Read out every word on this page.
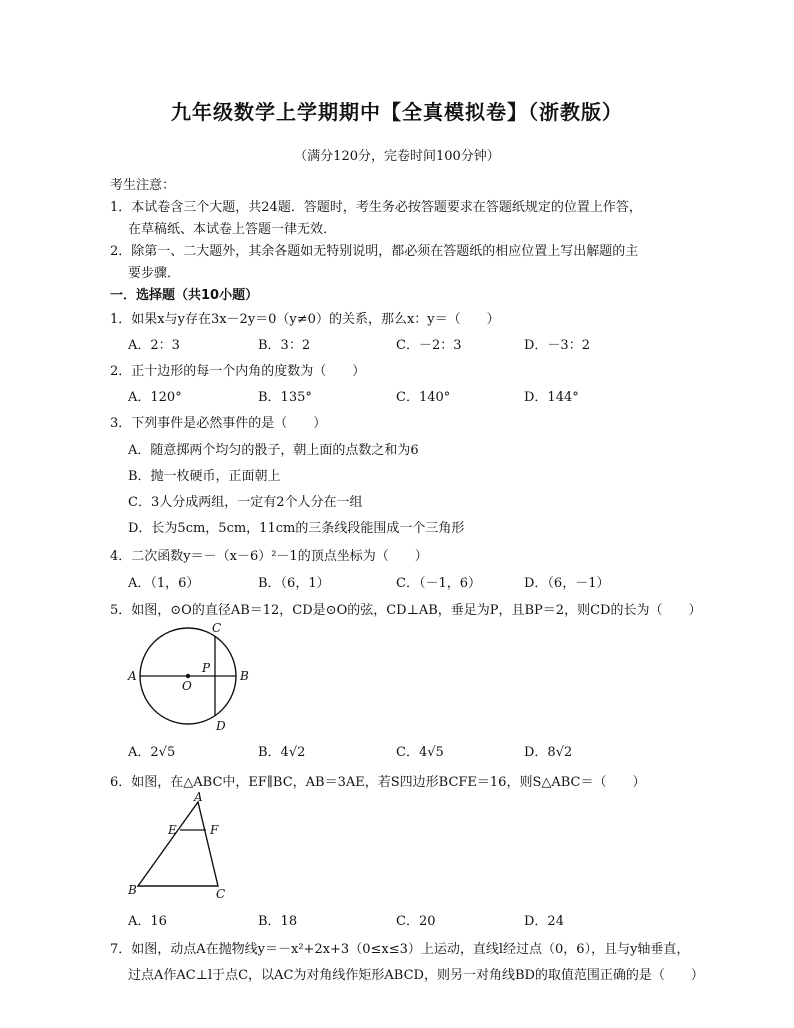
九年级数学上学期期中【全真模拟卷】（浙教版）
（满分120分，完卷时间100分钟）
考生注意：
1．本试卷含三个大题，共24题．答题时，考生务必按答题要求在答题纸规定的位置上作答，
在草稿纸、本试卷上答题一律无效．
2．除第一、二大题外，其余各题如无特别说明，都必须在答题纸的相应位置上写出解题的主
要步骤．
一．选择题（共10小题）
1．如果x与y存在3x－2y＝0（y≠0）的关系，那么x：y＝（　　）
A．2：3	B．3：2	C．－2：3	D．－3：2
2．正十边形的每一个内角的度数为（　　）
A．120°	B．135°	C．140°	D．144°
3．下列事件是必然事件的是（　　）
A．随意掷两个均匀的骰子，朝上面的点数之和为6
B．抛一枚硬币，正面朝上
C．3人分成两组，一定有2个人分在一组
D．长为5cm，5cm，11cm的三条线段能围成一个三角形
4．二次函数y＝－（x－6）²－1的顶点坐标为（　　）
A．（1，6）	B．（6，1）	C．（－1，6）	D．（6，－1）
5．如图，⊙O的直径AB＝12，CD是⊙O的弦，CD⊥AB，垂足为P，且BP＝2，则CD的长为（　　）
A	B
C
D
O
P
A．2√5	B．4√2	C．4√5	D．8√2
6．如图，在△ABC中，EF∥BC，AB＝3AE，若S四边形BCFE＝16，则S△ABC＝（　　）
A
B	C
E	F
A．16	B．18	C．20	D．24
7．如图，动点A在抛物线y＝－x²+2x+3（0≤x≤3）上运动，直线l经过点（0，6），且与y轴垂直，
过点A作AC⊥l于点C，以AC为对角线作矩形ABCD，则另一对角线BD的取值范围正确的是（　　）
